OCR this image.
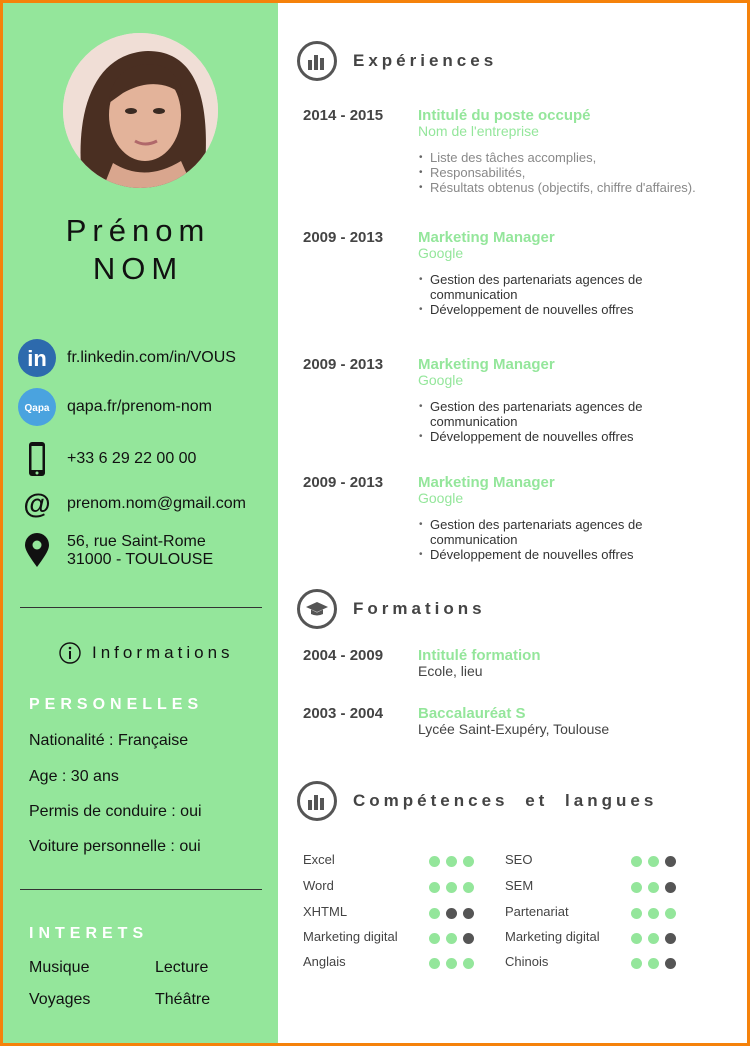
Prénom
NOM
in fr.linkedin.com/in/VOUS
Qapa qapa.fr/prenom-nom
+33 6 29 22 00 00
@ prenom.nom@gmail.com
56, rue Saint-Rome
31000 - TOULOUSE
Informations
PERSONELLES
Nationalité : Française
Age : 30 ans
Permis de conduire : oui
Voiture personnelle : oui
INTERETS
Musique	Lecture
Voyages	Théâtre
Expériences
2014 - 2015 Intitulé du poste occupé
Nom de l'entreprise
• Liste des tâches accomplies,
• Responsabilités,
• Résultats obtenus (objectifs, chiffre d'affaires).
2009 - 2013 Marketing Manager
Google
• Gestion des partenariats agences de
communication
• Développement de nouvelles offres
2009 - 2013 Marketing Manager
Google
• Gestion des partenariats agences de
communication
• Développement de nouvelles offres
2009 - 2013 Marketing Manager
Google
• Gestion des partenariats agences de
communication
• Développement de nouvelles offres
Formations
2004 - 2009 Intitulé formation
Ecole, lieu
2003 - 2004 Baccalauréat S
Lycée Saint-Exupéry, Toulouse
Compétences et langues
Excel
Word
XHTML
Marketing digital
Anglais
SEO
SEM
Partenariat
Marketing digital
Chinois
